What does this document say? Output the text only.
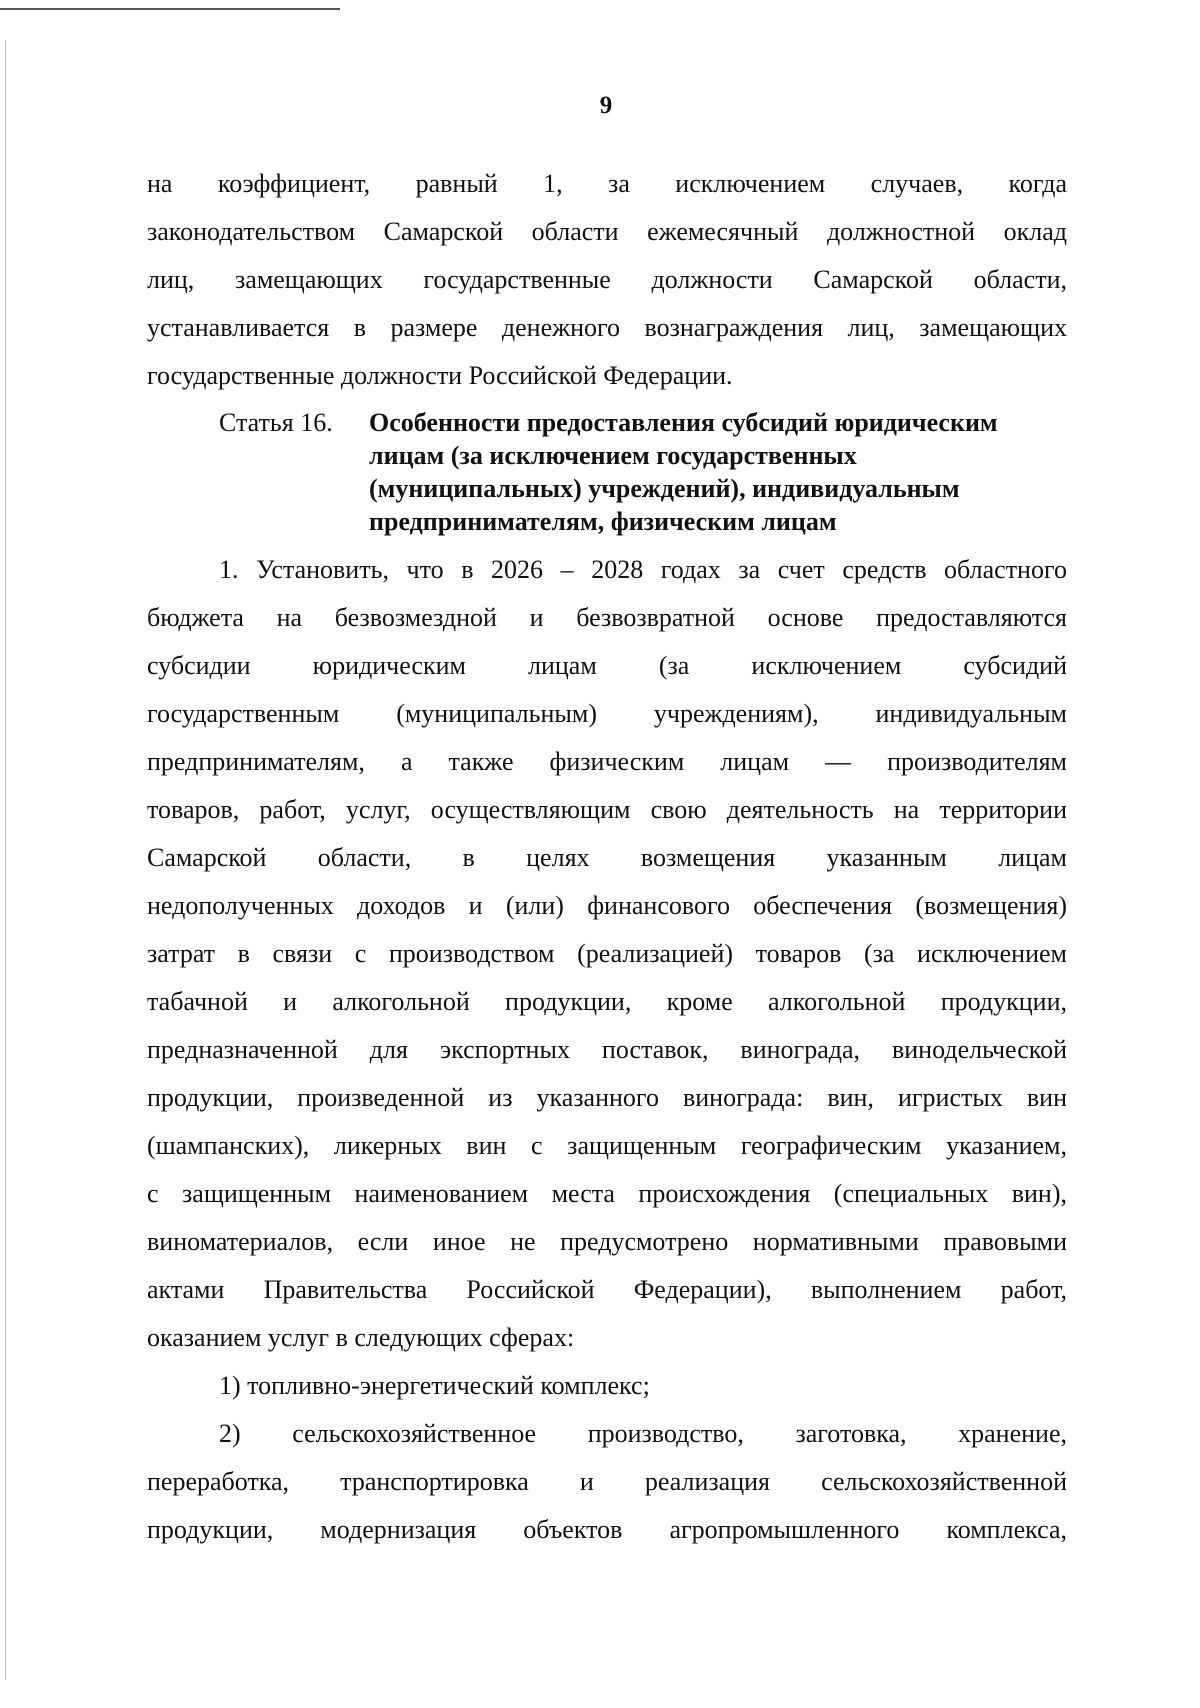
9
на коэффициент, равный 1, за исключением случаев, когда
законодательством Самарской области ежемесячный должностной оклад
лиц, замещающих государственные должности Самарской области,
устанавливается в размере денежного вознаграждения лиц, замещающих
государственные должности Российской Федерации.
Статья 16.	Особенности предоставления субсидий юридическим
лицам (за исключением государственных
(муниципальных) учреждений), индивидуальным
предпринимателям, физическим лицам
1. Установить, что в 2026 – 2028 годах за счет средств областного
бюджета на безвозмездной и безвозвратной основе предоставляются
субсидии юридическим лицам (за исключением субсидий
государственным (муниципальным) учреждениям), индивидуальным
предпринимателям, а также физическим лицам — производителям
товаров, работ, услуг, осуществляющим свою деятельность на территории
Самарской области, в целях возмещения указанным лицам
недополученных доходов и (или) финансового обеспечения (возмещения)
затрат в связи с производством (реализацией) товаров (за исключением
табачной и алкогольной продукции, кроме алкогольной продукции,
предназначенной для экспортных поставок, винограда, винодельческой
продукции, произведенной из указанного винограда: вин, игристых вин
(шампанских), ликерных вин с защищенным географическим указанием,
с защищенным наименованием места происхождения (специальных вин),
виноматериалов, если иное не предусмотрено нормативными правовыми
актами Правительства Российской Федерации), выполнением работ,
оказанием услуг в следующих сферах:
1) топливно-энергетический комплекс;
2) сельскохозяйственное производство, заготовка, хранение,
переработка, транспортировка и реализация сельскохозяйственной
продукции, модернизация объектов агропромышленного комплекса,
